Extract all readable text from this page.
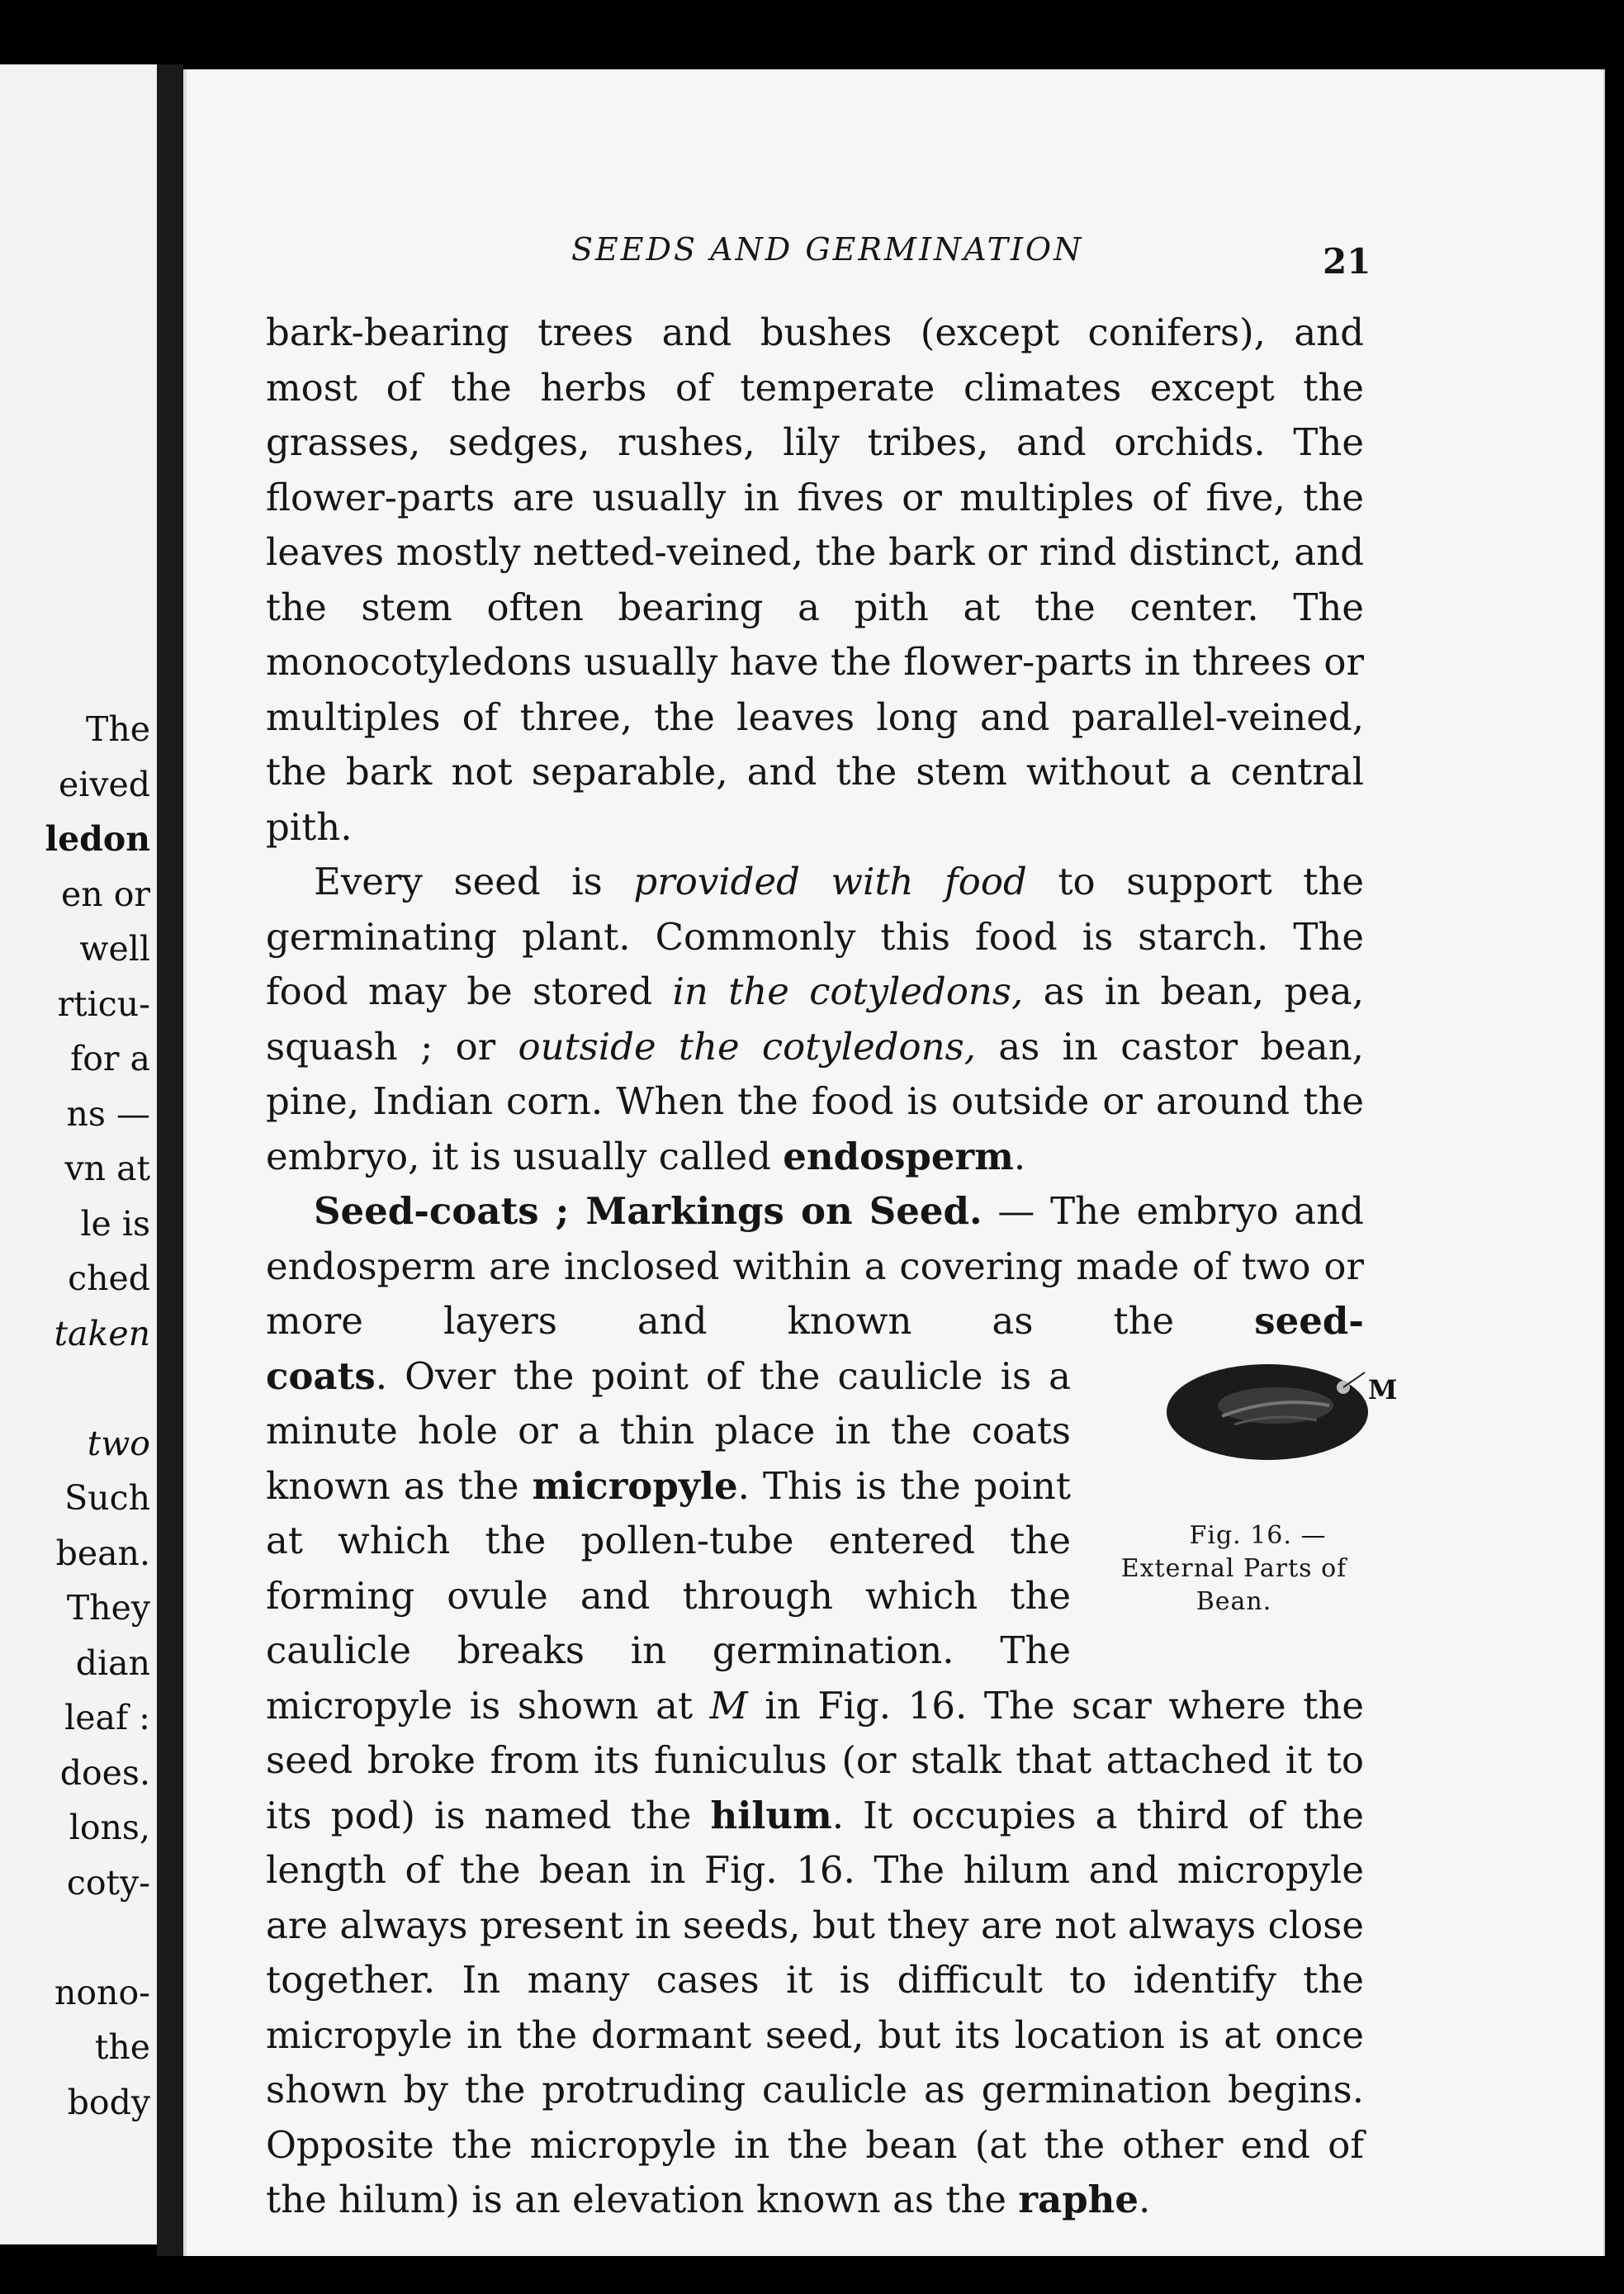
The
eived
ledon
en or
well
rticu-
for a
ns —
vn at
le is
ched
taken
two
Such
bean.
They
dian
leaf :
does.
lons,
coty-
nono-
the
body
SEEDS AND GERMINATION	21

bark-bearing trees and bushes (except conifers), and most of the herbs of temperate climates except the grasses, sedges, rushes, lily tribes, and orchids. The flower-parts are usually in fives or multiples of five, the leaves mostly netted-veined, the bark or rind distinct, and the stem often bearing a pith at the center. The monocotyledons usually have the flower-parts in threes or multiples of three, the leaves long and parallel-veined, the bark not separable, and the stem without a central pith.

Every seed is provided with food to support the germinating plant. Commonly this food is starch. The food may be stored in the cotyledons, as in bean, pea, squash ; or outside the cotyledons, as in castor bean, pine, Indian corn. When the food is outside or around the embryo, it is usually called endosperm.

Seed-coats ; Markings on Seed. — The embryo and endosperm are inclosed within a covering made of two or more layers and known as the seed-coats	M
Fig. 16. — External Parts of Bean.
. Over the point of the caulicle is a minute hole or a thin place in the coats known as the micropyle. This is the point at which the pollen-tube entered the forming ovule and through which the caulicle breaks in germination. The micropyle is shown at M in Fig. 16. The scar where the seed broke from its funiculus (or stalk that attached it to its pod) is named the hilum. It occupies a third of the length of the bean in Fig. 16. The hilum and micropyle are always present in seeds, but they are not always close together. In many cases it is difficult to identify the micropyle in the dormant seed, but its location is at once shown by the protruding caulicle as germination begins. Opposite the micropyle in the bean (at the other end of the hilum) is an elevation known as the raphe.
